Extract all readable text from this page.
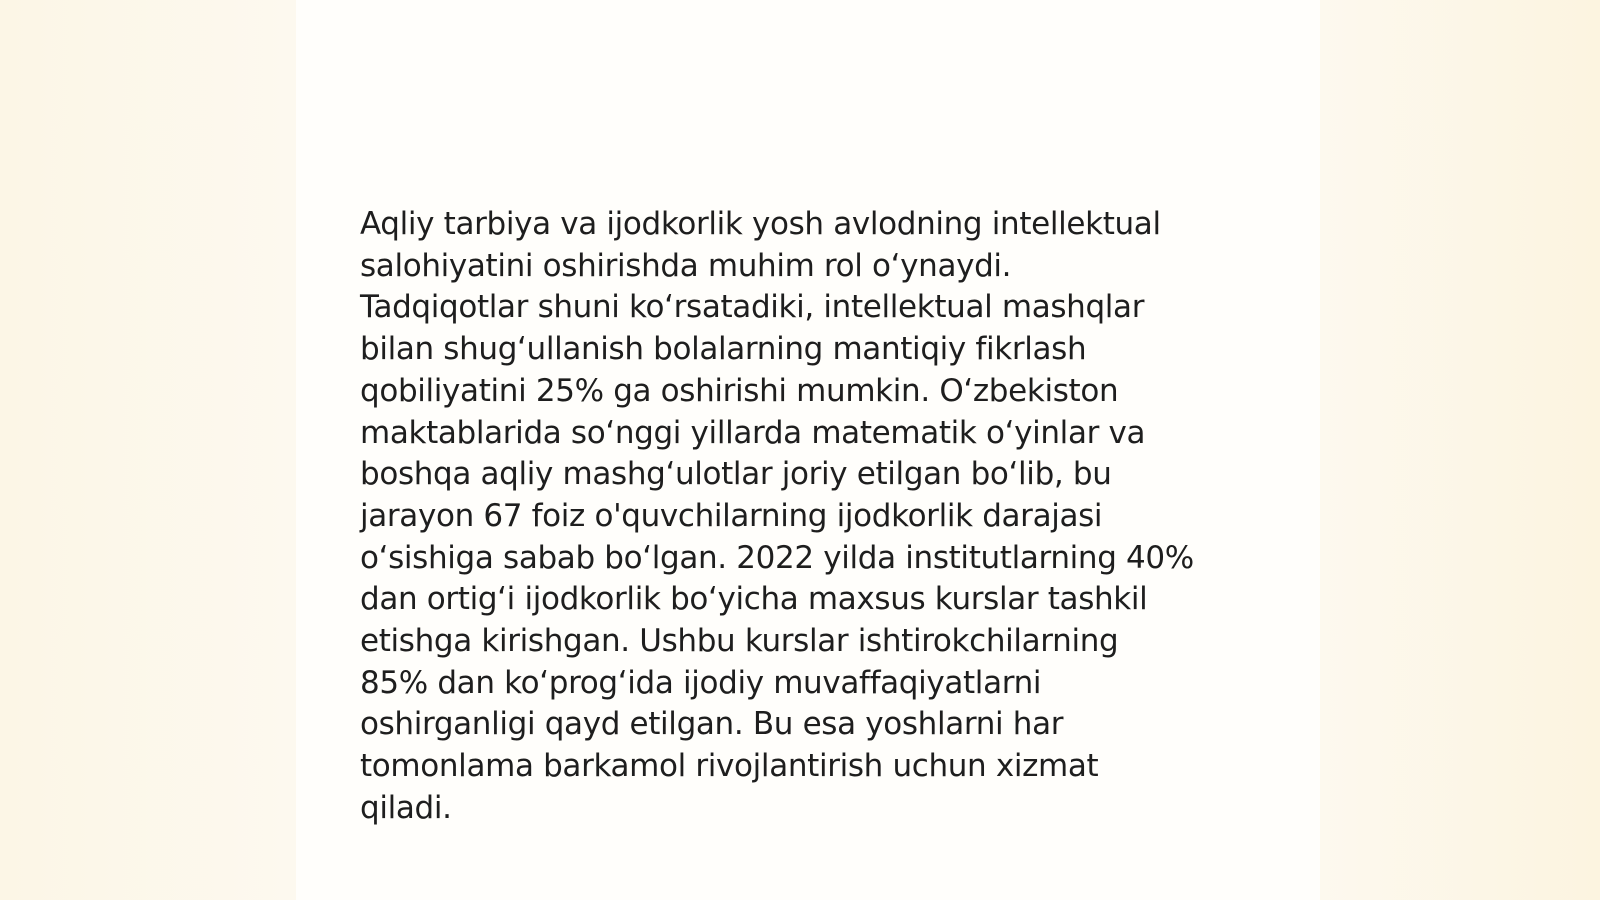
Aqliy tarbiya va ijodkorlik yosh avlodning intellektual
salohiyatini oshirishda muhim rol o‘ynaydi.
Tadqiqotlar shuni ko‘rsatadiki, intellektual mashqlar
bilan shug‘ullanish bolalarning mantiqiy fikrlash
qobiliyatini 25% ga oshirishi mumkin. O‘zbekiston
maktablarida so‘nggi yillarda matematik o‘yinlar va
boshqa aqliy mashg‘ulotlar joriy etilgan bo‘lib, bu
jarayon 67 foiz o'quvchilarning ijodkorlik darajasi
o‘sishiga sabab bo‘lgan. 2022 yilda institutlarning 40%
dan ortig‘i ijodkorlik bo‘yicha maxsus kurslar tashkil
etishga kirishgan. Ushbu kurslar ishtirokchilarning
85% dan ko‘prog‘ida ijodiy muvaffaqiyatlarni
oshirganligi qayd etilgan. Bu esa yoshlarni har
tomonlama barkamol rivojlantirish uchun xizmat
qiladi.
